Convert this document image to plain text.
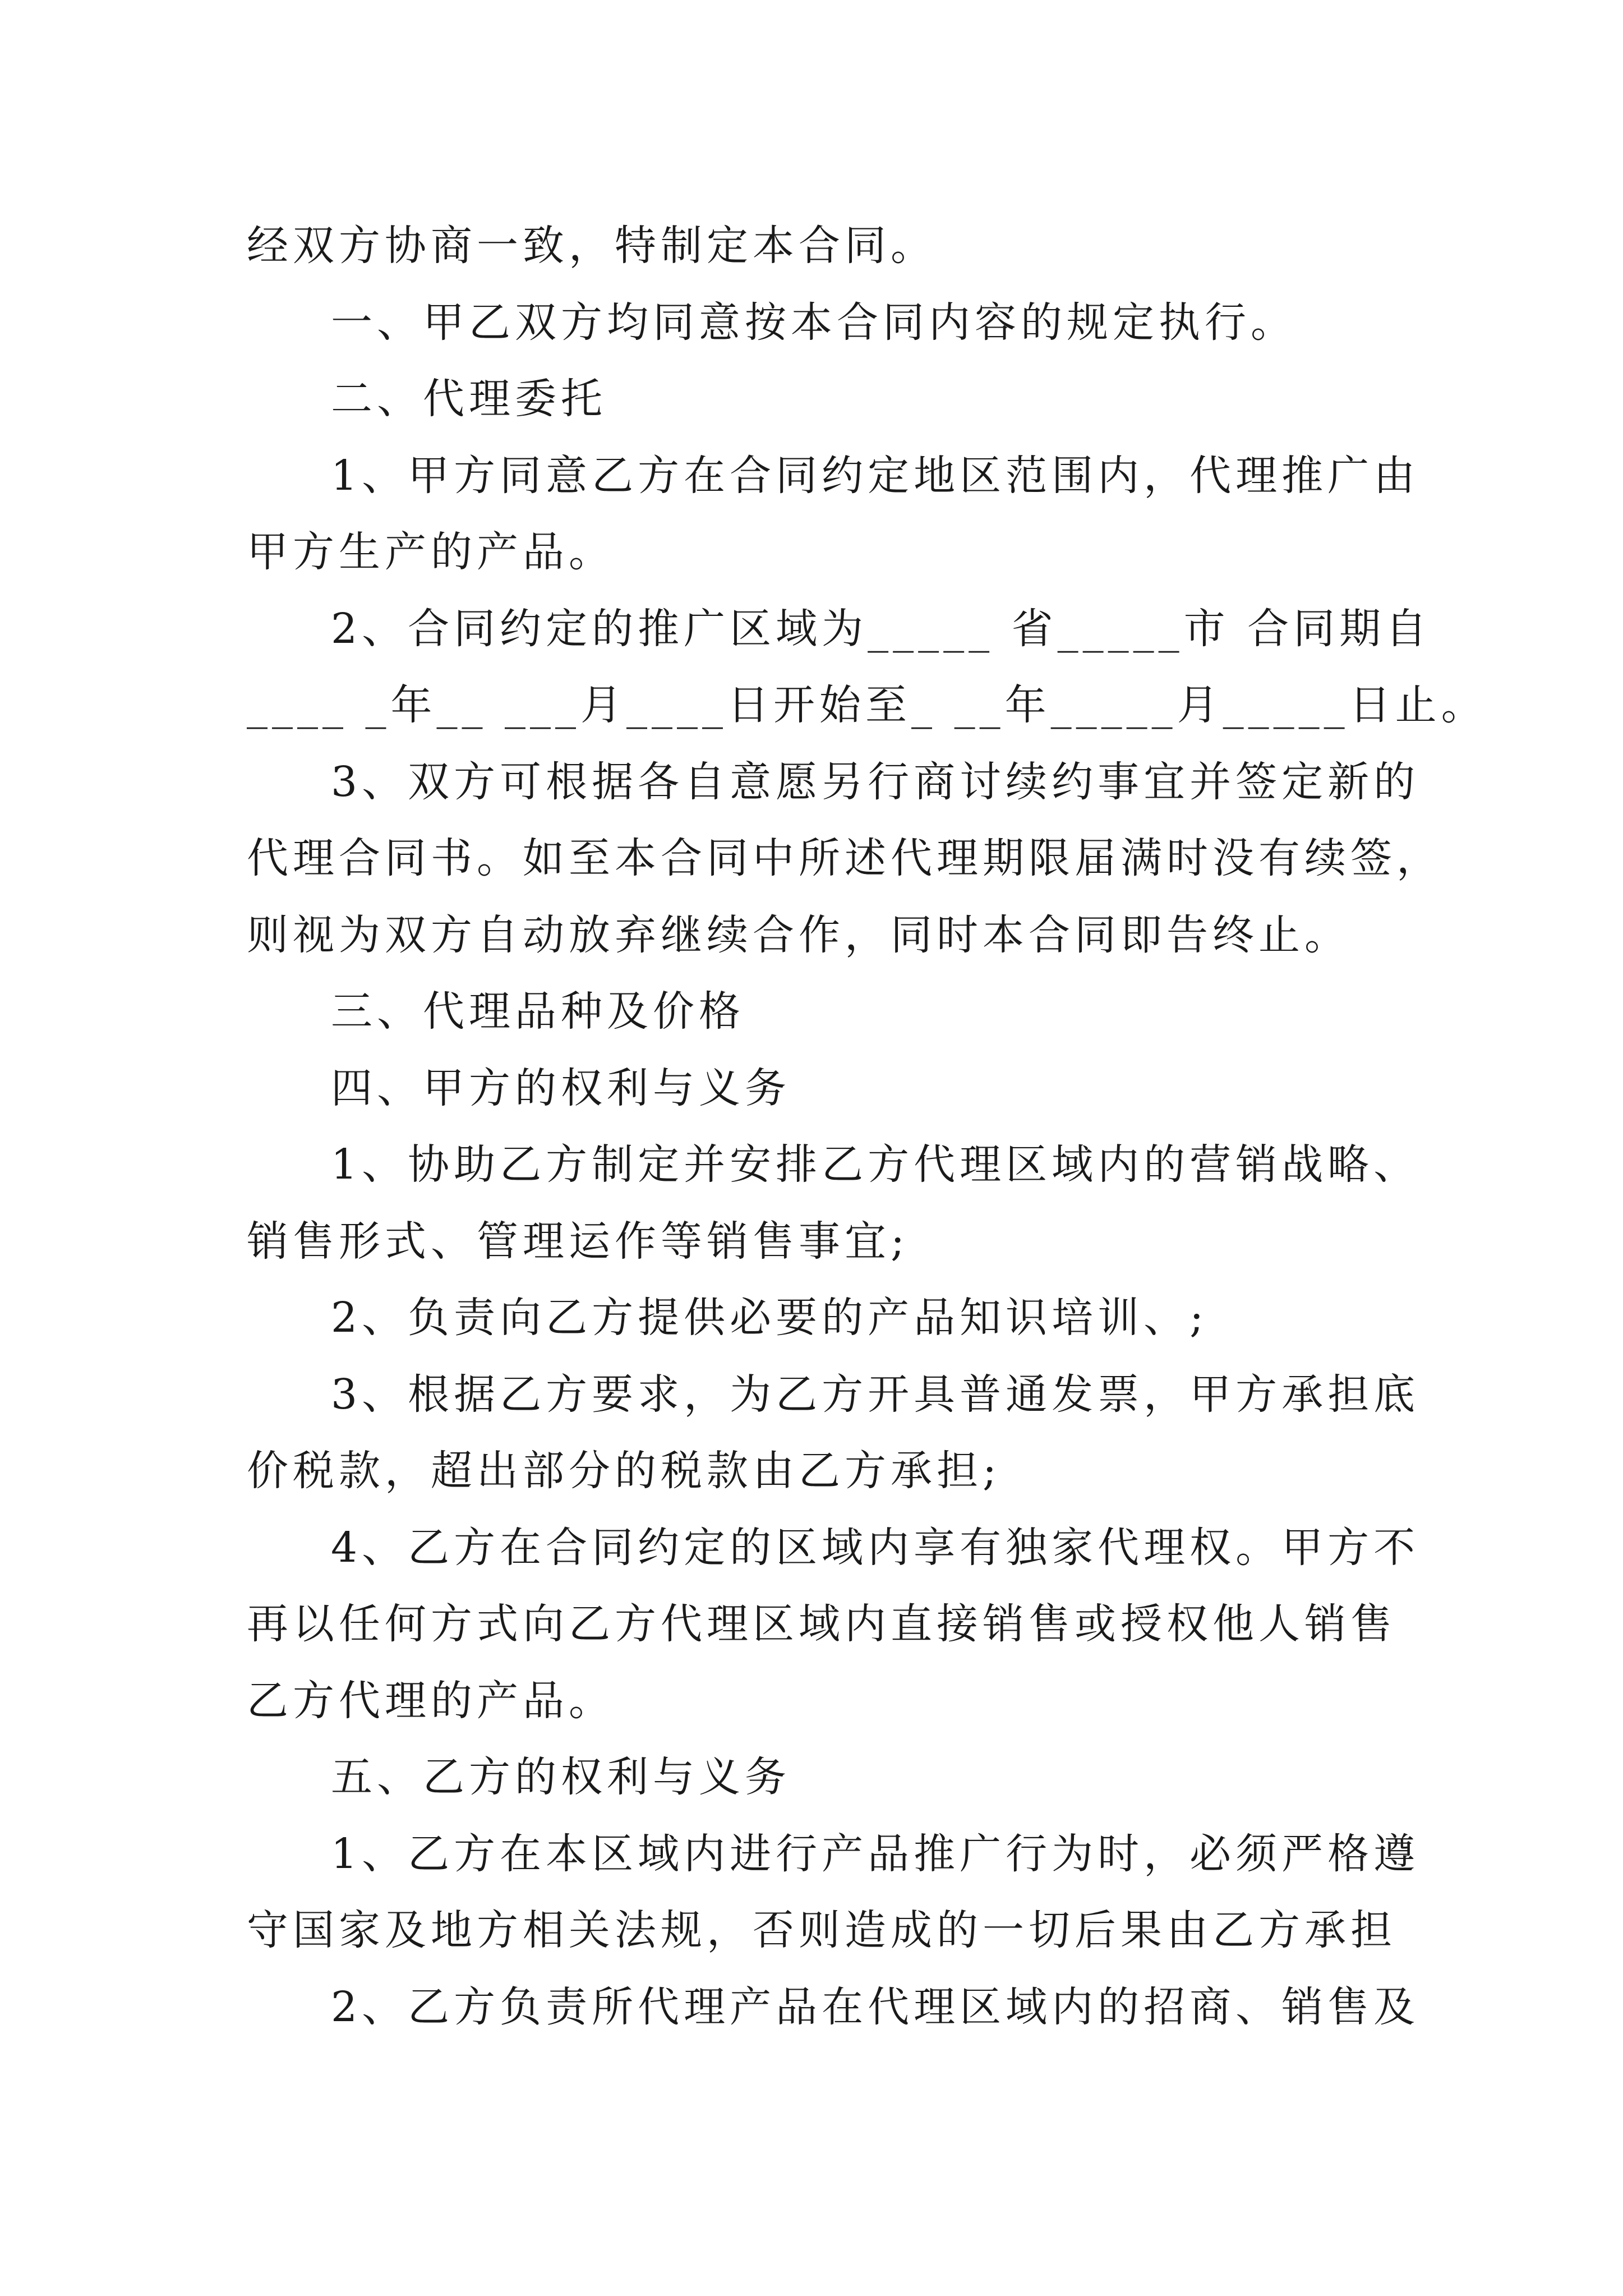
经双方协商一致，特制定本合同。
一、甲乙双方均同意按本合同内容的规定执行。
二、代理委托
1、甲方同意乙方在合同约定地区范围内，代理推广由
甲方生产的产品。
2、合同约定的推广区域为_____ 省_____市 合同期自
____ _年__ ___月____日开始至_ __年_____月_____日止。
3、双方可根据各自意愿另行商讨续约事宜并签定新的
代理合同书。如至本合同中所述代理期限届满时没有续签，
则视为双方自动放弃继续合作，同时本合同即告终止。
三、代理品种及价格
四、甲方的权利与义务
1、协助乙方制定并安排乙方代理区域内的营销战略、
销售形式、管理运作等销售事宜;
2、负责向乙方提供必要的产品知识培训、;
3、根据乙方要求，为乙方开具普通发票，甲方承担底
价税款，超出部分的税款由乙方承担;
4、乙方在合同约定的区域内享有独家代理权。甲方不
再以任何方式向乙方代理区域内直接销售或授权他人销售
乙方代理的产品。
五、乙方的权利与义务
1、乙方在本区域内进行产品推广行为时，必须严格遵
守国家及地方相关法规，否则造成的一切后果由乙方承担
2、乙方负责所代理产品在代理区域内的招商、销售及
